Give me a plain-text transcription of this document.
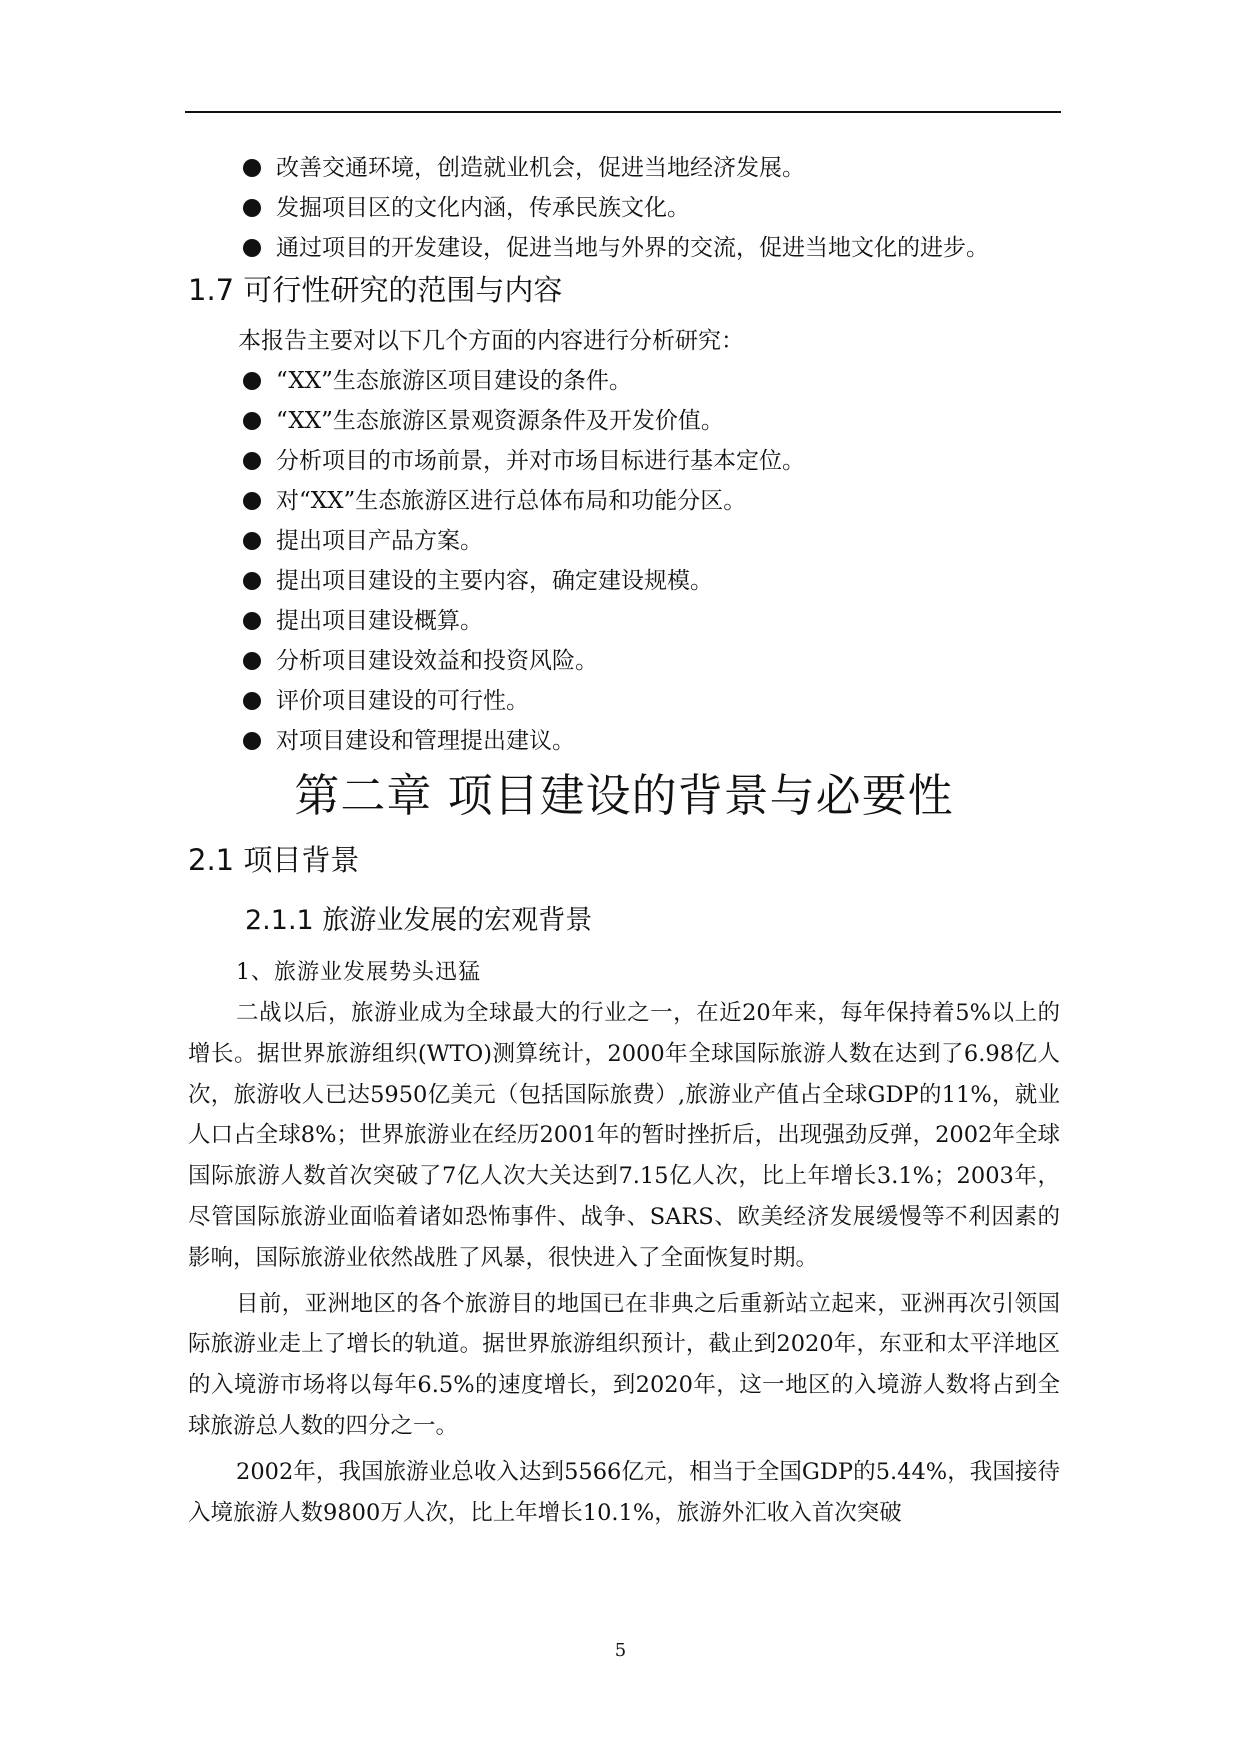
改善交通环境，创造就业机会，促进当地经济发展。
发掘项目区的文化内涵，传承民族文化。
通过项目的开发建设，促进当地与外界的交流，促进当地文化的进步。
1.7 可行性研究的范围与内容
本报告主要对以下几个方面的内容进行分析研究：
“XX”生态旅游区项目建设的条件。
“XX”生态旅游区景观资源条件及开发价值。
分析项目的市场前景，并对市场目标进行基本定位。
对“XX”生态旅游区进行总体布局和功能分区。
提出项目产品方案。
提出项目建设的主要内容，确定建设规模。
提出项目建设概算。
分析项目建设效益和投资风险。
评价项目建设的可行性。
对项目建设和管理提出建议。
第二章 项目建设的背景与必要性
2.1 项目背景
2.1.1 旅游业发展的宏观背景
1、旅游业发展势头迅猛

二战以后，旅游业成为全球最大的行业之一，在近20年来，每年保持着5%以上的增长。据世界旅游组织(WTO)测算统计，2000年全球国际旅游人数在达到了6.98亿人次，旅游收人已达5950亿美元（包括国际旅费）,旅游业产值占全球GDP的11%，就业人口占全球8%；世界旅游业在经历2001年的暂时挫折后，出现强劲反弹，2002年全球国际旅游人数首次突破了7亿人次大关达到7.15亿人次，比上年增长3.1%；2003年，尽管国际旅游业面临着诸如恐怖事件、战争、SARS、欧美经济发展缓慢等不利因素的影响，国际旅游业依然战胜了风暴，很快进入了全面恢复时期。

目前，亚洲地区的各个旅游目的地国已在非典之后重新站立起来，亚洲再次引领国际旅游业走上了增长的轨道。据世界旅游组织预计，截止到2020年，东亚和太平洋地区的入境游市场将以每年6.5%的速度增长，到2020年，这一地区的入境游人数将占到全球旅游总人数的四分之一。

2002年，我国旅游业总收入达到5566亿元，相当于全国GDP的5.44%，我国接待入境旅游人数9800万人次，比上年增长10.1%，旅游外汇收入首次突破

5
